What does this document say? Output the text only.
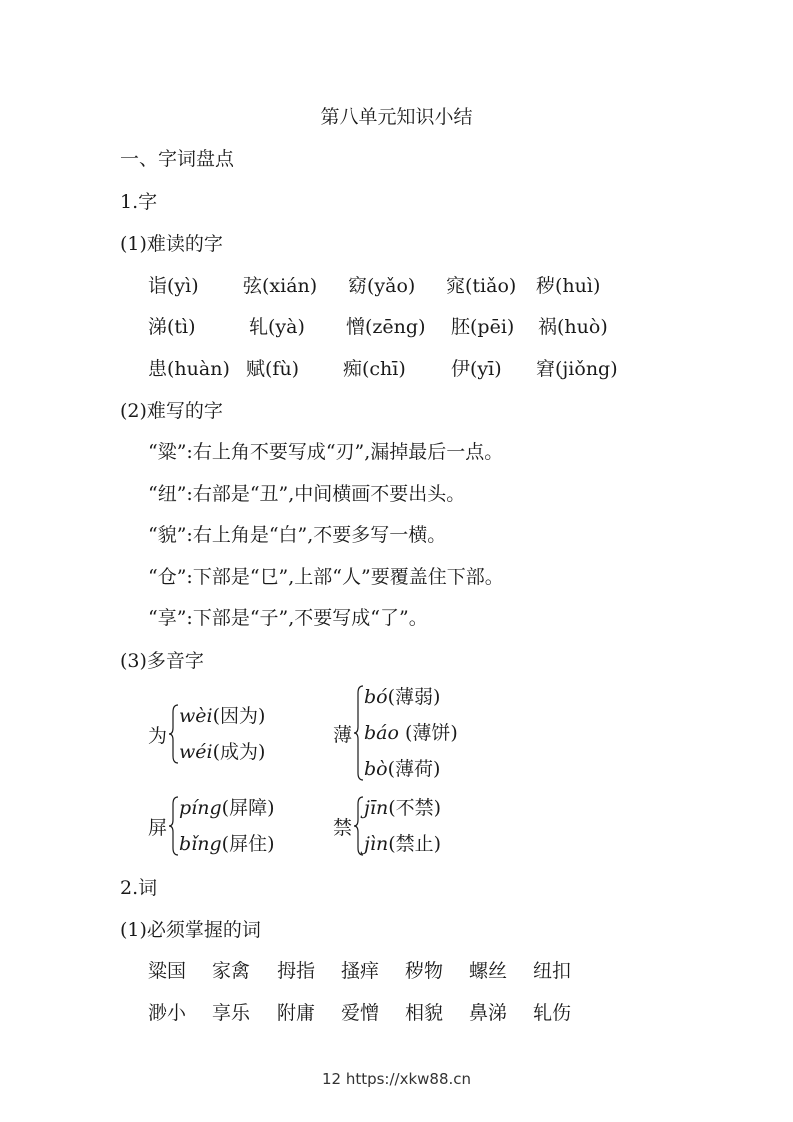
第八单元知识小结
一、字词盘点
1.字
(1)难读的字
诣(yì) 弦(xián) 窈(yǎo) 窕(tiǎo) 秽(huì)
涕(tì)	轧(yà) 憎(zēng) 胚(pēi) 祸(huò)
患(huàn) 赋(fù) 痴(chī) 伊(yī) 窘(jiǒng)
(2)难写的字
“粱”:右上角不要写成“刃”,漏掉最后一点。
“纽”:右部是“丑”,中间横画不要出头。
“貌”:右上角是“白”,不要多写一横。
“仓”:下部是“㔾”,上部“人”要覆盖住下部。
“享”:下部是“子”,不要写成“了”。
(3)多音字
为
wèi(因为)
wéi(成为)
薄
bó(薄弱)
báo (薄饼)
bò(薄荷)
屏
píng(屏障)
bǐng(屏住)
禁
jīn(不禁)
jìn(禁止)
2.词
(1)必须掌握的词
粱国 家禽 拇指 搔痒 秽物 螺丝 纽扣
渺小 享乐 附庸 爱憎 相貌 鼻涕 轧伤
12 https://xkw88.cn
